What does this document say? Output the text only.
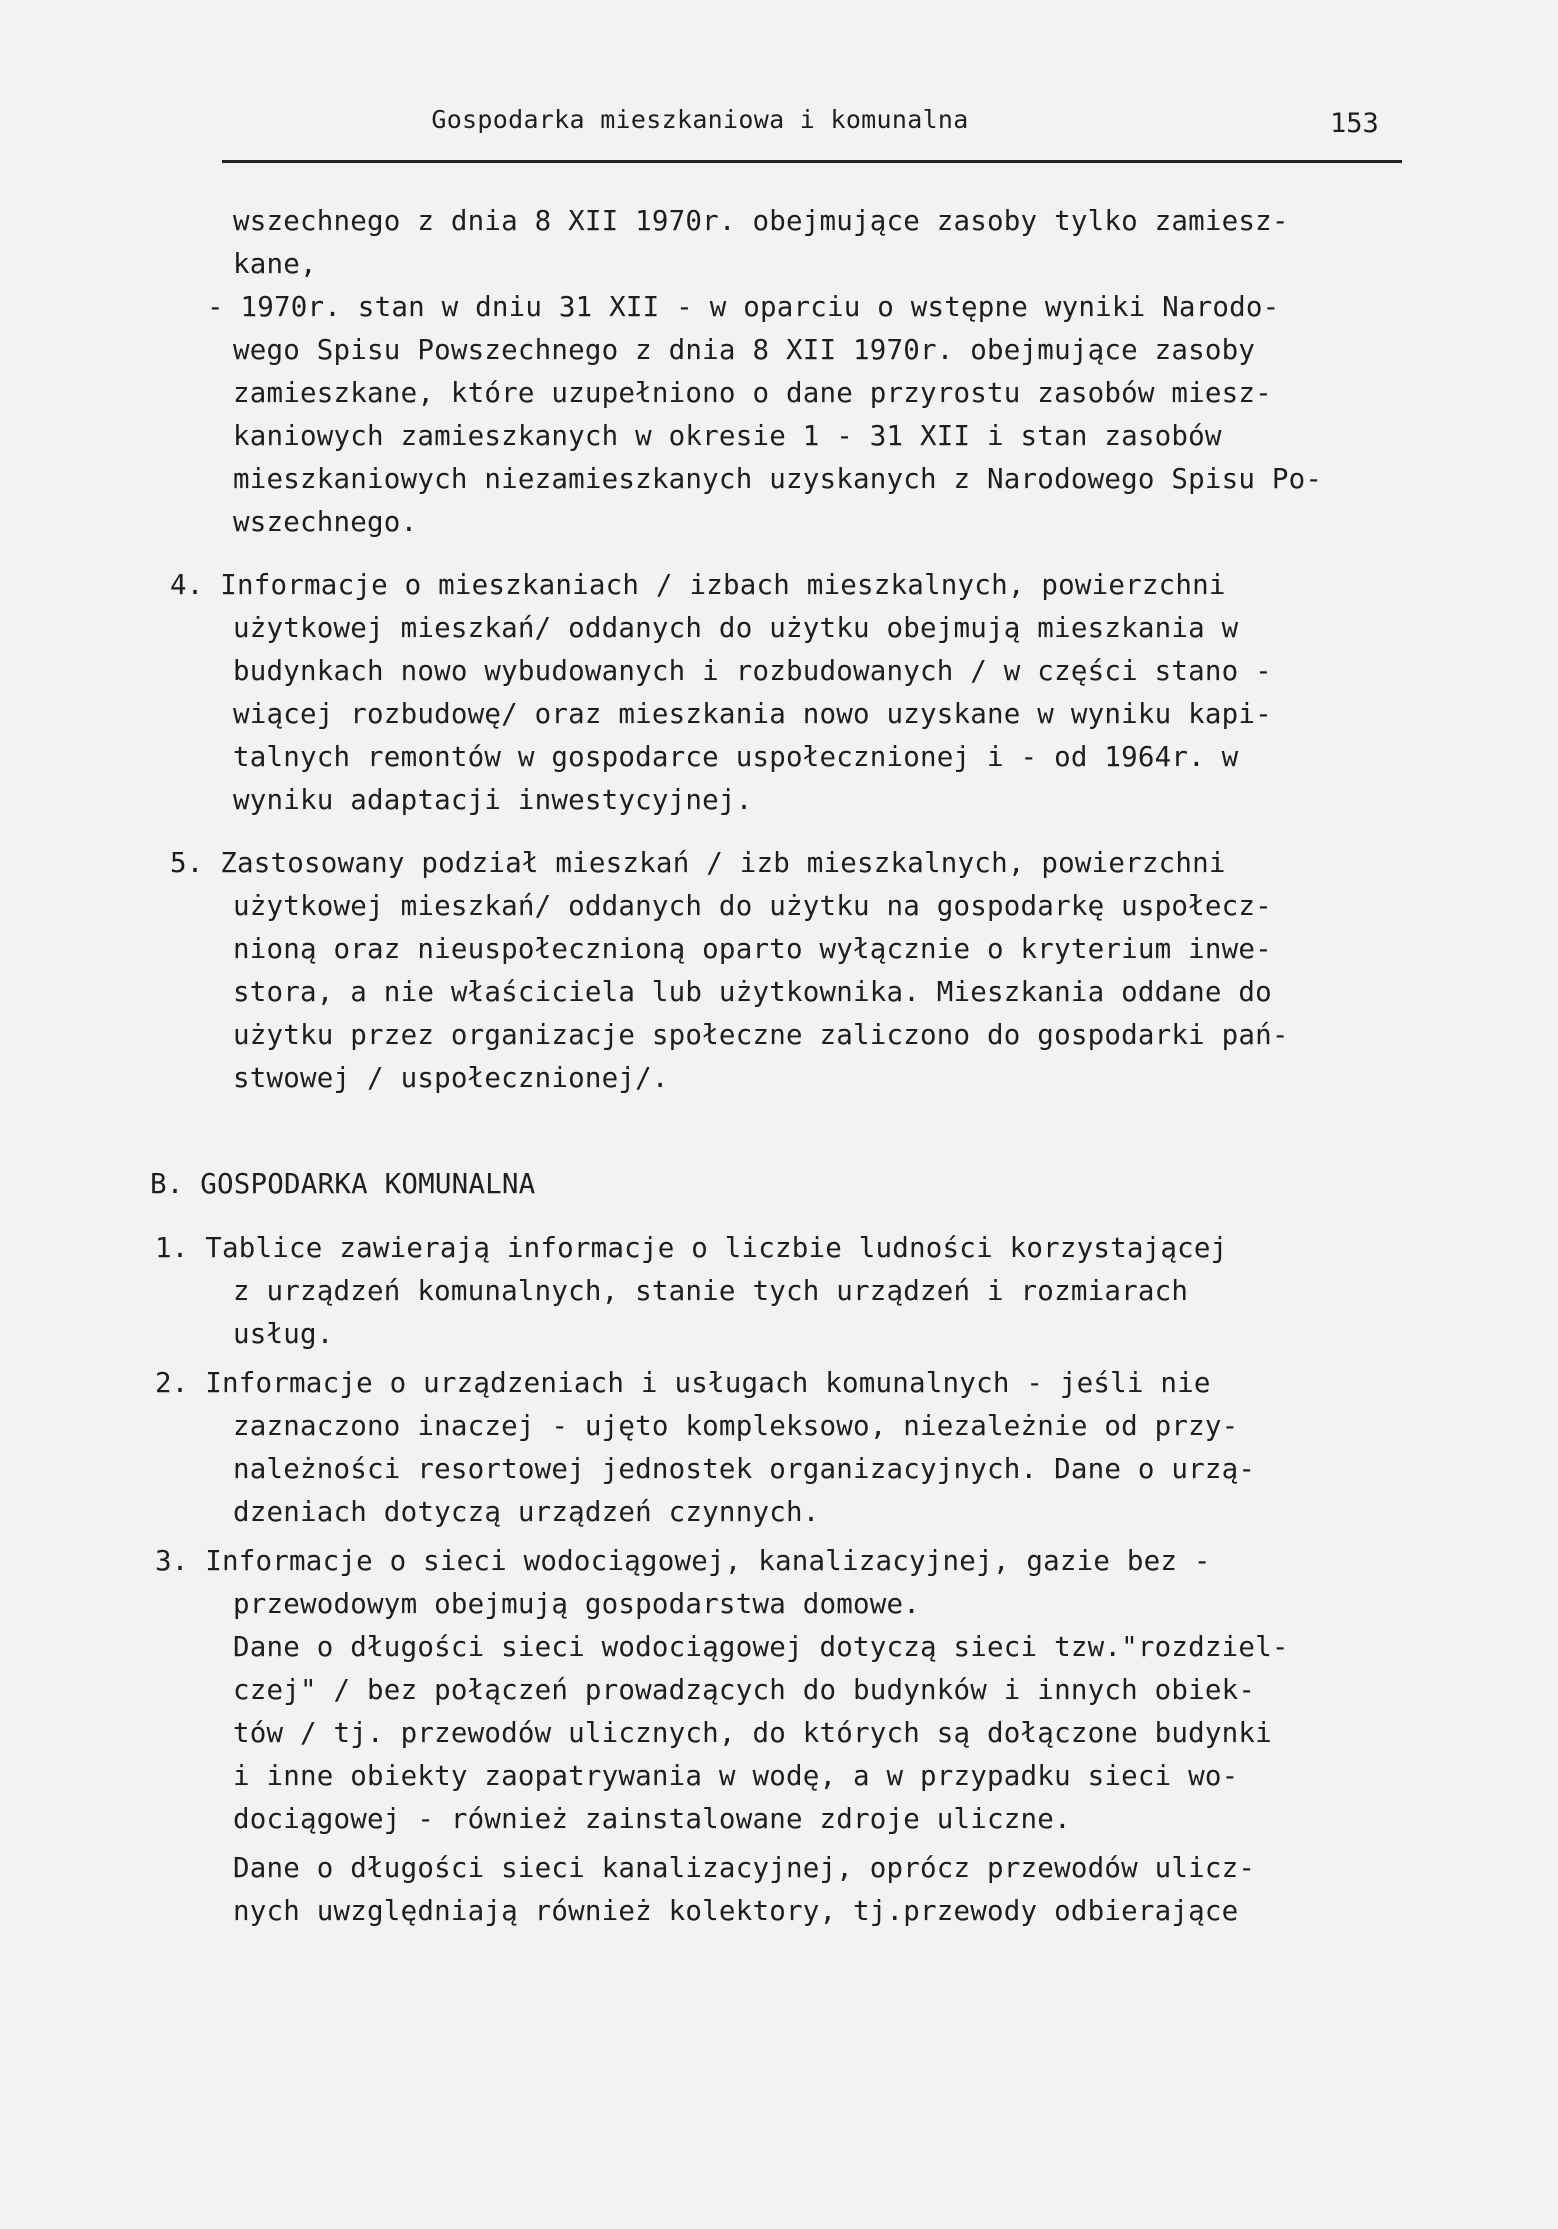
Gospodarka mieszkaniowa i komunalna	153
wszechnego z dnia 8 XII 1970r. obejmujące zasoby tylko zamiesz-
kane,
- 1970r. stan w dniu 31 XII - w oparciu o wstępne wyniki Narodo-
wego Spisu Powszechnego z dnia 8 XII 1970r. obejmujące zasoby
zamieszkane, które uzupełniono o dane przyrostu zasobów miesz-
kaniowych zamieszkanych w okresie 1 - 31 XII i stan zasobów
mieszkaniowych niezamieszkanych uzyskanych z Narodowego Spisu Po-
wszechnego.
4. Informacje o mieszkaniach / izbach mieszkalnych, powierzchni
użytkowej mieszkań/ oddanych do użytku obejmują mieszkania w
budynkach nowo wybudowanych i rozbudowanych / w części stano -
wiącej rozbudowę/ oraz mieszkania nowo uzyskane w wyniku kapi-
talnych remontów w gospodarce uspołecznionej i - od 1964r. w
wyniku adaptacji inwestycyjnej.
5. Zastosowany podział mieszkań / izb mieszkalnych, powierzchni
użytkowej mieszkań/ oddanych do użytku na gospodarkę uspołecz-
nioną oraz nieuspołecznioną oparto wyłącznie o kryterium inwe-
stora, a nie właściciela lub użytkownika. Mieszkania oddane do
użytku przez organizacje społeczne zaliczono do gospodarki pań-
stwowej / uspołecznionej/.
B. GOSPODARKA KOMUNALNA
1. Tablice zawierają informacje o liczbie ludności korzystającej
z urządzeń komunalnych, stanie tych urządzeń i rozmiarach
usług.
2. Informacje o urządzeniach i usługach komunalnych - jeśli nie
zaznaczono inaczej - ujęto kompleksowo, niezależnie od przy-
należności resortowej jednostek organizacyjnych. Dane o urzą-
dzeniach dotyczą urządzeń czynnych.
3. Informacje o sieci wodociągowej, kanalizacyjnej, gazie bez -
przewodowym obejmują gospodarstwa domowe.
Dane o długości sieci wodociągowej dotyczą sieci tzw."rozdziel-
czej" / bez połączeń prowadzących do budynków i innych obiek-
tów / tj. przewodów ulicznych, do których są dołączone budynki
i inne obiekty zaopatrywania w wodę, a w przypadku sieci wo-
dociągowej - również zainstalowane zdroje uliczne.
Dane o długości sieci kanalizacyjnej, oprócz przewodów ulicz-
nych uwzględniają również kolektory, tj.przewody odbierające
